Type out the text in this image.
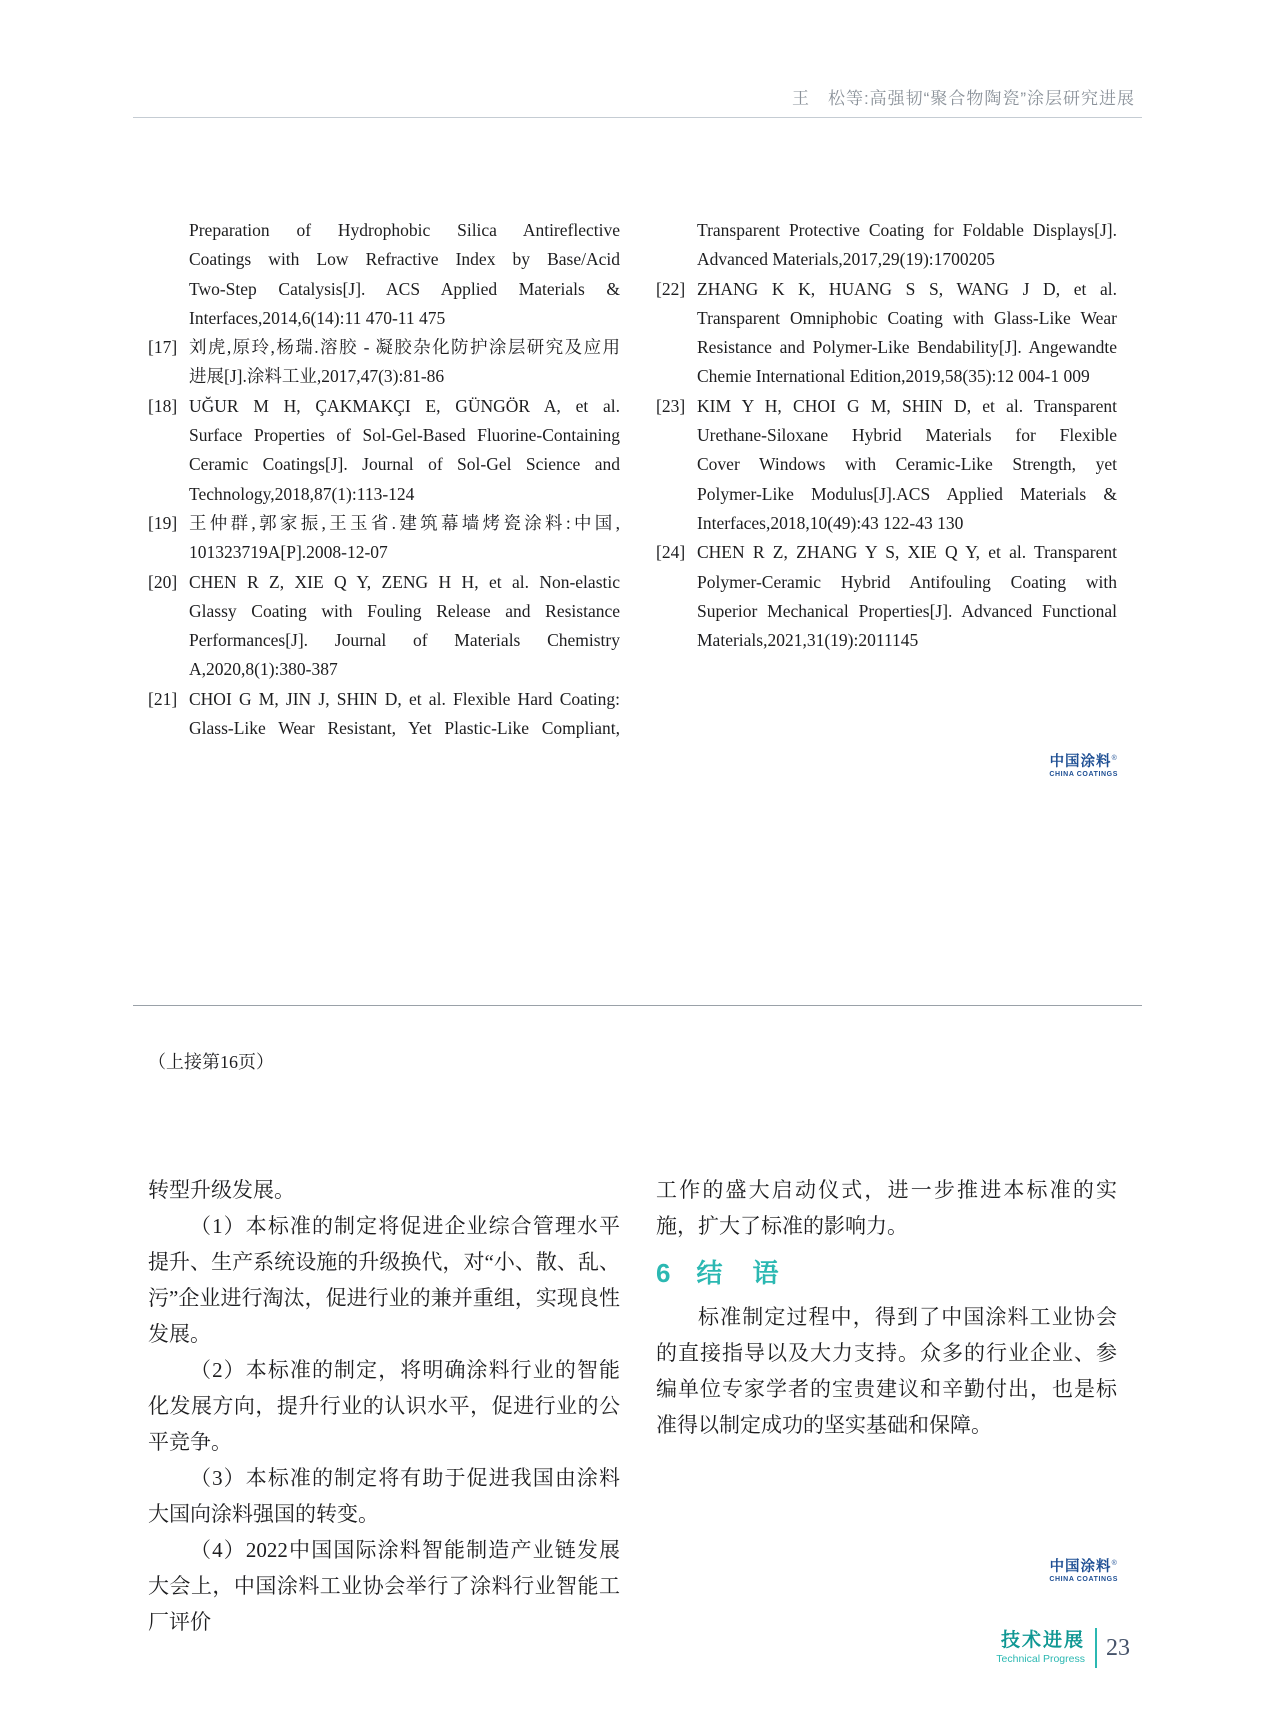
王　松等:高强韧“聚合物陶瓷”涂层研究进展
Preparation of Hydrophobic Silica Antireflective
Coatings with Low Refractive Index by Base/Acid
Two-Step Catalysis[J]. ACS Applied Materials &
Interfaces,2014,6(14):11 470-11 475
[17] 刘虎,原玲,杨瑞.溶胶 - 凝胶杂化防护涂层研究及应用
进展[J].涂料工业,2017,47(3):81-86
[18] UĞUR M H, ÇAKMAKÇI E, GÜNGÖR A, et al.
Surface Properties of Sol-Gel-Based Fluorine-Containing
Ceramic Coatings[J]. Journal of Sol-Gel Science and
Technology,2018,87(1):113-124
[19] 王仲群,郭家振,王玉省.建筑幕墙烤瓷涂料:中国,
101323719A[P].2008-12-07
[20] CHEN R Z, XIE Q Y, ZENG H H, et al. Non-elastic
Glassy Coating with Fouling Release and Resistance
Performances[J]. Journal of Materials Chemistry
A,2020,8(1):380-387
[21] CHOI G M, JIN J, SHIN D, et al. Flexible Hard Coating:
Glass-Like Wear Resistant, Yet Plastic-Like Compliant,
Transparent Protective Coating for Foldable Displays[J].
Advanced Materials,2017,29(19):1700205
[22] ZHANG K K, HUANG S S, WANG J D, et al.
Transparent Omniphobic Coating with Glass-Like Wear
Resistance and Polymer-Like Bendability[J]. Angewandte
Chemie International Edition,2019,58(35):12 004-1 009
[23] KIM Y H, CHOI G M, SHIN D, et al. Transparent
Urethane-Siloxane Hybrid Materials for Flexible
Cover Windows with Ceramic-Like Strength, yet
Polymer-Like Modulus[J].ACS Applied Materials &
Interfaces,2018,10(49):43 122-43 130
[24] CHEN R Z, ZHANG Y S, XIE Q Y, et al. Transparent
Polymer-Ceramic Hybrid Antifouling Coating with
Superior Mechanical Properties[J]. Advanced Functional
Materials,2021,31(19):2011145
中国涂料®
CHINA COATINGS
（上接第16页）

转型升级发展。

（1）本标准的制定将促进企业综合管理水平提升、生产系统设施的升级换代，对“小、散、乱、污”企业进行淘汰，促进行业的兼并重组，实现良性发展。

（2）本标准的制定，将明确涂料行业的智能化发展方向，提升行业的认识水平，促进行业的公平竞争。

（3）本标准的制定将有助于促进我国由涂料大国向涂料强国的转变。

（4）2022中国国际涂料智能制造产业链发展大会上，中国涂料工业协会举行了涂料行业智能工厂评价

工作的盛大启动仪式，进一步推进本标准的实施，扩大了标准的影响力。

6 结　语

标准制定过程中，得到了中国涂料工业协会的直接指导以及大力支持。众多的行业企业、参编单位专家学者的宝贵建议和辛勤付出，也是标准得以制定成功的坚实基础和保障。

中国涂料®
CHINA COATINGS
技术进展
Technical Progress 23
